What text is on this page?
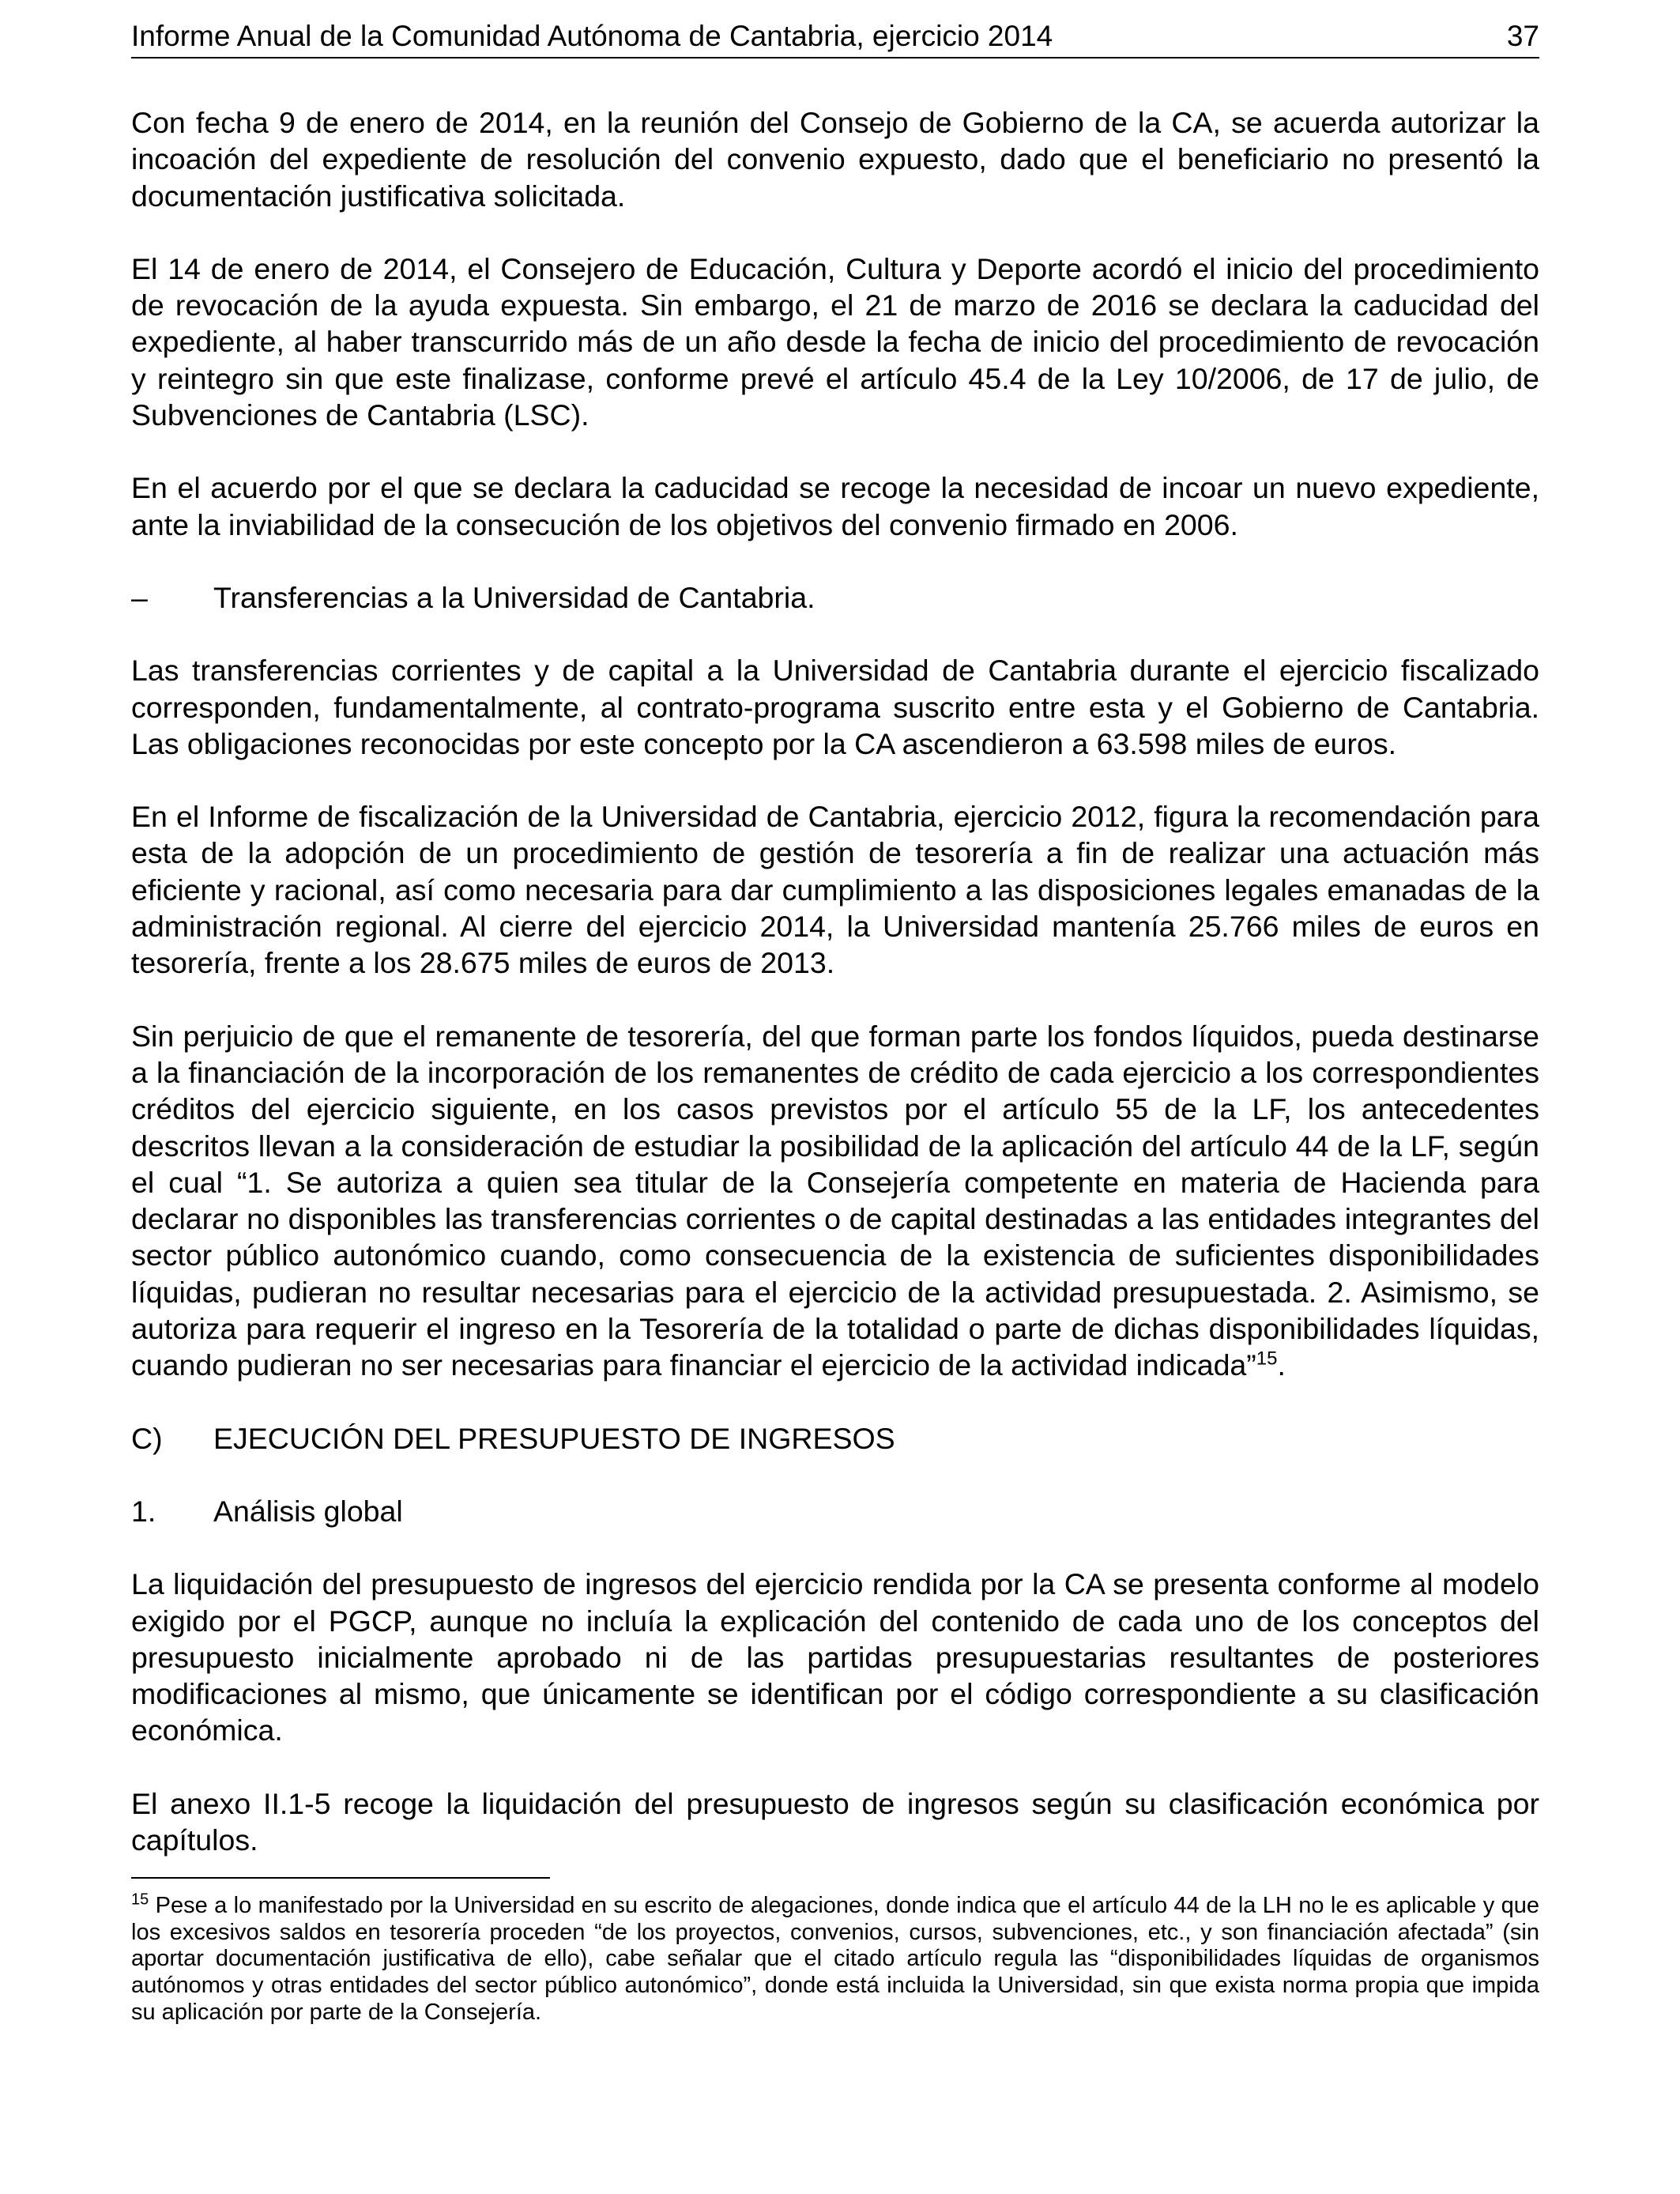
Informe Anual de la Comunidad Autónoma de Cantabria, ejercicio 2014	37

Con fecha 9 de enero de 2014, en la reunión del Consejo de Gobierno de la CA, se acuerda autorizar la incoación del expediente de resolución del convenio expuesto, dado que el beneficiario no presentó la documentación justificativa solicitada.

El 14 de enero de 2014, el Consejero de Educación, Cultura y Deporte acordó el inicio del procedimiento de revocación de la ayuda expuesta. Sin embargo, el 21 de marzo de 2016 se declara la caducidad del expediente, al haber transcurrido más de un año desde la fecha de inicio del procedimiento de revocación y reintegro sin que este finalizase, conforme prevé el artículo 45.4 de la Ley 10/2006, de 17 de julio, de Subvenciones de Cantabria (LSC).

En el acuerdo por el que se declara la caducidad se recoge la necesidad de incoar un nuevo expediente, ante la inviabilidad de la consecución de los objetivos del convenio firmado en 2006.

–	Transferencias a la Universidad de Cantabria.

Las transferencias corrientes y de capital a la Universidad de Cantabria durante el ejercicio fiscalizado corresponden, fundamentalmente, al contrato-programa suscrito entre esta y el Gobierno de Cantabria. Las obligaciones reconocidas por este concepto por la CA ascendieron a 63.598 miles de euros.

En el Informe de fiscalización de la Universidad de Cantabria, ejercicio 2012, figura la recomendación para esta de la adopción de un procedimiento de gestión de tesorería a fin de realizar una actuación más eficiente y racional, así como necesaria para dar cumplimiento a las disposiciones legales emanadas de la administración regional. Al cierre del ejercicio 2014, la Universidad mantenía 25.766 miles de euros en tesorería, frente a los 28.675 miles de euros de 2013.

Sin perjuicio de que el remanente de tesorería, del que forman parte los fondos líquidos, pueda destinarse a la financiación de la incorporación de los remanentes de crédito de cada ejercicio a los correspondientes créditos del ejercicio siguiente, en los casos previstos por el artículo 55 de la LF, los antecedentes descritos llevan a la consideración de estudiar la posibilidad de la aplicación del artículo 44 de la LF, según el cual “1. Se autoriza a quien sea titular de la Consejería competente en materia de Hacienda para declarar no disponibles las transferencias corrientes o de capital destinadas a las entidades integrantes del sector público autonómico cuando, como consecuencia de la existencia de suficientes disponibilidades líquidas, pudieran no resultar necesarias para el ejercicio de la actividad presupuestada. 2. Asimismo, se autoriza para requerir el ingreso en la Tesorería de la totalidad o parte de dichas disponibilidades líquidas, cuando pudieran no ser necesarias para financiar el ejercicio de la actividad indicada”$^{15}$.

C)	EJECUCIÓN DEL PRESUPUESTO DE INGRESOS
1.	Análisis global

La liquidación del presupuesto de ingresos del ejercicio rendida por la CA se presenta conforme al modelo exigido por el PGCP, aunque no incluía la explicación del contenido de cada uno de los conceptos del presupuesto inicialmente aprobado ni de las partidas presupuestarias resultantes de posteriores modificaciones al mismo, que únicamente se identifican por el código correspondiente a su clasificación económica.

El anexo II.1-5 recoge la liquidación del presupuesto de ingresos según su clasificación económica por capítulos.

$^{15}$ Pese a lo manifestado por la Universidad en su escrito de alegaciones, donde indica que el artículo 44 de la LH no le es aplicable y que los excesivos saldos en tesorería proceden “de los proyectos, convenios, cursos, subvenciones, etc., y son financiación afectada” (sin aportar documentación justificativa de ello), cabe señalar que el citado artículo regula las “disponibilidades líquidas de organismos autónomos y otras entidades del sector público autonómico”, donde está incluida la Universidad, sin que exista norma propia que impida su aplicación por parte de la Consejería.
